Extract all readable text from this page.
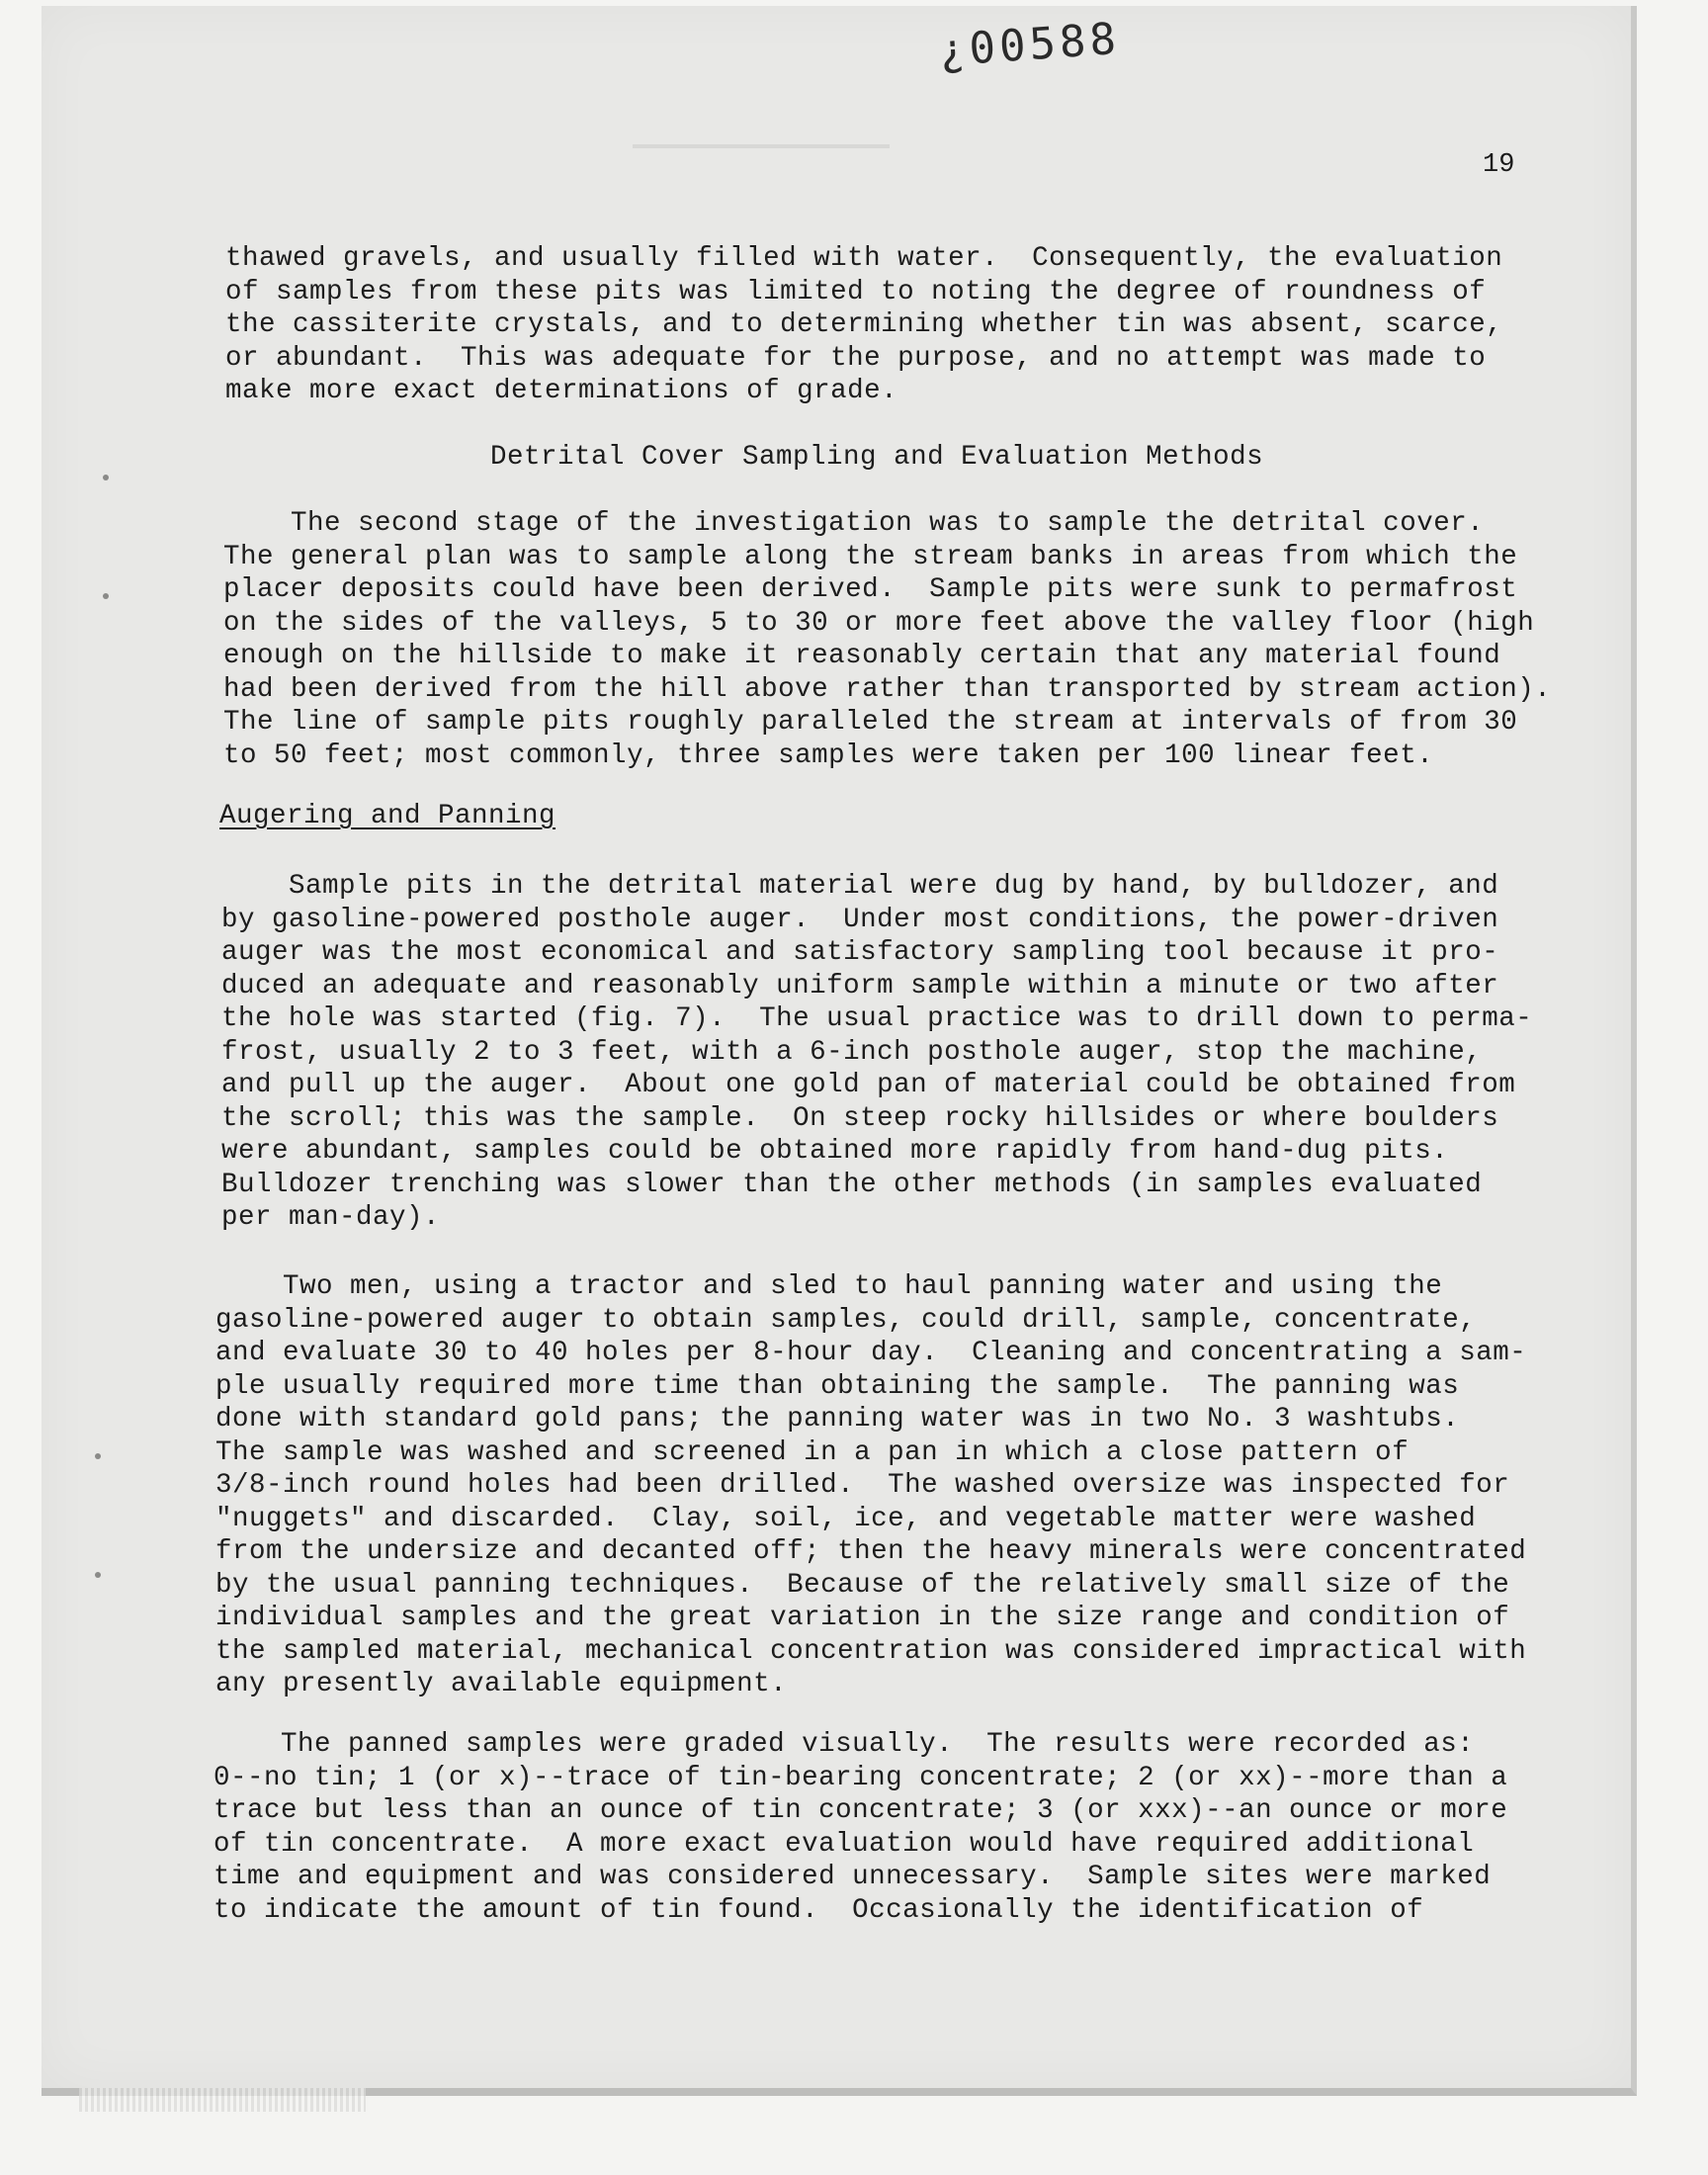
¿00588
19
thawed gravels, and usually filled with water.  Consequently, the evaluation
of samples from these pits was limited to noting the degree of roundness of
the cassiterite crystals, and to determining whether tin was absent, scarce,
or abundant.  This was adequate for the purpose, and no attempt was made to
make more exact determinations of grade.
Detrital Cover Sampling and Evaluation Methods
The second stage of the investigation was to sample the detrital cover.
The general plan was to sample along the stream banks in areas from which the
placer deposits could have been derived.  Sample pits were sunk to permafrost
on the sides of the valleys, 5 to 30 or more feet above the valley floor (high
enough on the hillside to make it reasonably certain that any material found
had been derived from the hill above rather than transported by stream action).
The line of sample pits roughly paralleled the stream at intervals of from 30
to 50 feet; most commonly, three samples were taken per 100 linear feet.
Augering and Panning
Sample pits in the detrital material were dug by hand, by bulldozer, and
by gasoline-powered posthole auger.  Under most conditions, the power-driven
auger was the most economical and satisfactory sampling tool because it pro-
duced an adequate and reasonably uniform sample within a minute or two after
the hole was started (fig. 7).  The usual practice was to drill down to perma-
frost, usually 2 to 3 feet, with a 6-inch posthole auger, stop the machine,
and pull up the auger.  About one gold pan of material could be obtained from
the scroll; this was the sample.  On steep rocky hillsides or where boulders
were abundant, samples could be obtained more rapidly from hand-dug pits.
Bulldozer trenching was slower than the other methods (in samples evaluated
per man-day).
Two men, using a tractor and sled to haul panning water and using the
gasoline-powered auger to obtain samples, could drill, sample, concentrate,
and evaluate 30 to 40 holes per 8-hour day.  Cleaning and concentrating a sam-
ple usually required more time than obtaining the sample.  The panning was
done with standard gold pans; the panning water was in two No. 3 washtubs.
The sample was washed and screened in a pan in which a close pattern of
3/8-inch round holes had been drilled.  The washed oversize was inspected for
"nuggets" and discarded.  Clay, soil, ice, and vegetable matter were washed
from the undersize and decanted off; then the heavy minerals were concentrated
by the usual panning techniques.  Because of the relatively small size of the
individual samples and the great variation in the size range and condition of
the sampled material, mechanical concentration was considered impractical with
any presently available equipment.
The panned samples were graded visually.  The results were recorded as:
0--no tin; 1 (or x)--trace of tin-bearing concentrate; 2 (or xx)--more than a
trace but less than an ounce of tin concentrate; 3 (or xxx)--an ounce or more
of tin concentrate.  A more exact evaluation would have required additional
time and equipment and was considered unnecessary.  Sample sites were marked
to indicate the amount of tin found.  Occasionally the identification of
